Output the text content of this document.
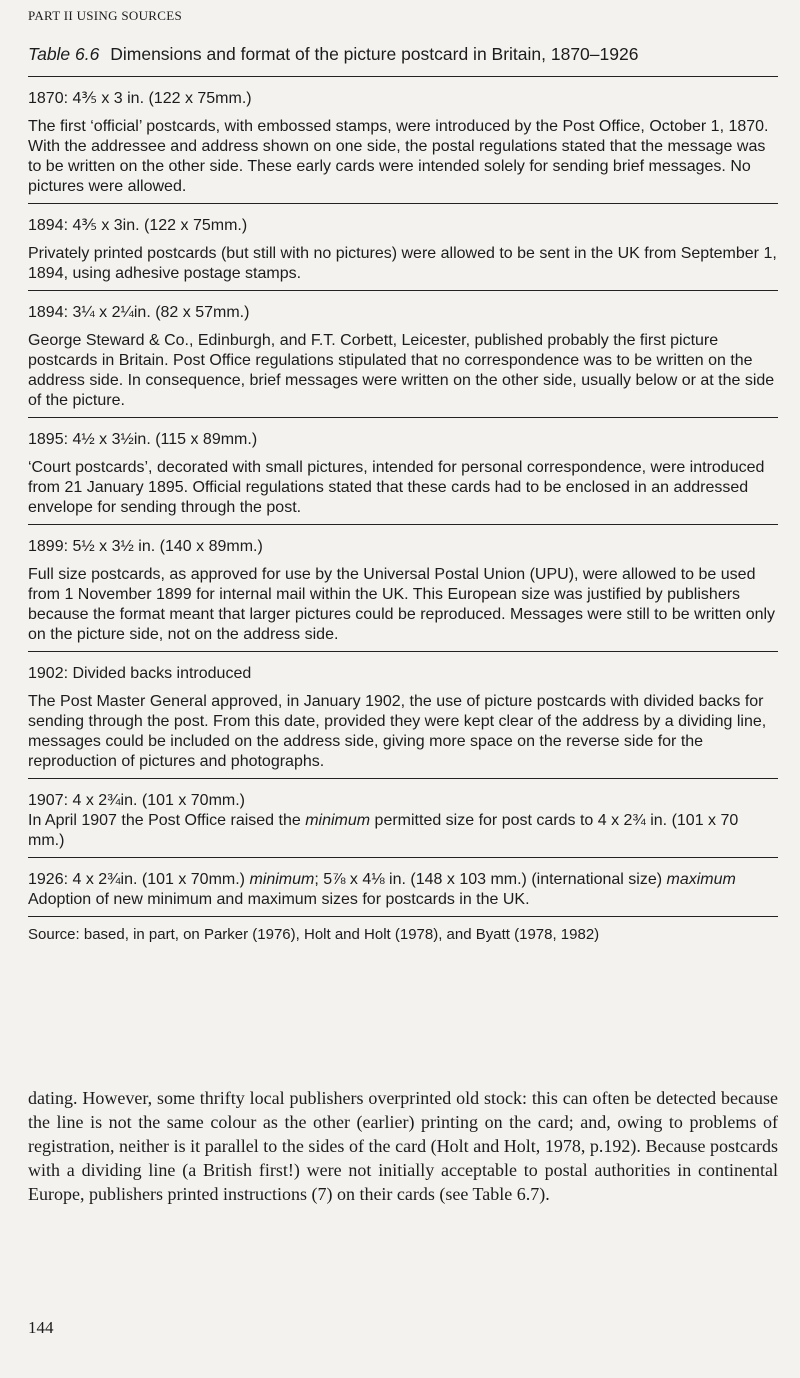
PART II USING SOURCES
Table 6.6 Dimensions and format of the picture postcard in Britain, 1870–1926
1870: 4⅗ x 3 in. (122 x 75mm.)
The first ‘official’ postcards, with embossed stamps, were introduced by the Post Office, October 1, 1870. With the addressee and address shown on one side, the postal regulations stated that the message was to be written on the other side. These early cards were intended solely for sending brief messages. No pictures were allowed.
1894: 4⅗ x 3in. (122 x 75mm.)
Privately printed postcards (but still with no pictures) were allowed to be sent in the UK from September 1, 1894, using adhesive postage stamps.
1894: 3¼ x 2¼in. (82 x 57mm.)
George Steward & Co., Edinburgh, and F.T. Corbett, Leicester, published probably the first picture postcards in Britain. Post Office regulations stipulated that no correspondence was to be written on the address side. In consequence, brief messages were written on the other side, usually below or at the side of the picture.
1895: 4½ x 3½in. (115 x 89mm.)
‘Court postcards’, decorated with small pictures, intended for personal correspondence, were introduced from 21 January 1895. Official regulations stated that these cards had to be enclosed in an addressed envelope for sending through the post.
1899: 5½ x 3½ in. (140 x 89mm.)
Full size postcards, as approved for use by the Universal Postal Union (UPU), were allowed to be used from 1 November 1899 for internal mail within the UK. This European size was justified by publishers because the format meant that larger pictures could be reproduced. Messages were still to be written only on the picture side, not on the address side.
1902: Divided backs introduced
The Post Master General approved, in January 1902, the use of picture postcards with divided backs for sending through the post. From this date, provided they were kept clear of the address by a dividing line, messages could be included on the address side, giving more space on the reverse side for the reproduction of pictures and photographs.
1907: 4 x 2¾in. (101 x 70mm.)
In April 1907 the Post Office raised the minimum permitted size for post cards to 4 x 2¾ in. (101 x 70 mm.)
1926: 4 x 2¾in. (101 x 70mm.) minimum; 5⅞ x 4⅛ in. (148 x 103 mm.) (international size) maximum
Adoption of new minimum and maximum sizes for postcards in the UK.
Source: based, in part, on Parker (1976), Holt and Holt (1978), and Byatt (1978, 1982)
dating. However, some thrifty local publishers overprinted old stock: this can often be detected because the line is not the same colour as the other (earlier) printing on the card; and, owing to problems of registration, neither is it parallel to the sides of the card (Holt and Holt, 1978, p.192). Because postcards with a dividing line (a British first!) were not initially acceptable to postal authorities in continental Europe, publishers printed instructions (7) on their cards (see Table 6.7).
144
